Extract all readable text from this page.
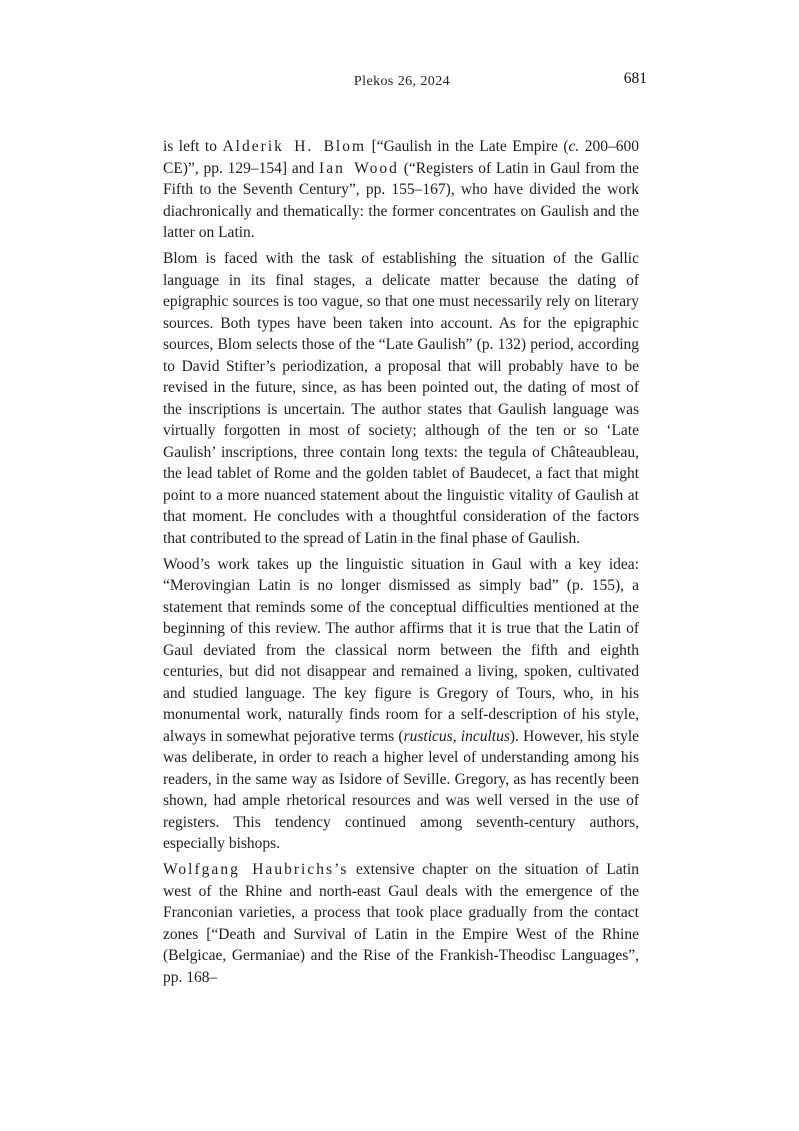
Plekos 26, 2024	681

is left to Alderik H. Blom [“Gaulish in the Late Empire (c. 200–600 CE)”, pp. 129–154] and Ian Wood (“Registers of Latin in Gaul from the Fifth to the Seventh Century”, pp. 155–167), who have divided the work diachronically and thematically: the former concentrates on Gaulish and the latter on Latin.

Blom is faced with the task of establishing the situation of the Gallic language in its final stages, a delicate matter because the dating of epigraphic sources is too vague, so that one must necessarily rely on literary sources. Both types have been taken into account. As for the epigraphic sources, Blom selects those of the “Late Gaulish” (p. 132) period, according to David Stifter’s periodization, a proposal that will probably have to be revised in the future, since, as has been pointed out, the dating of most of the inscriptions is uncertain. The author states that Gaulish language was virtually forgotten in most of society; although of the ten or so ‘Late Gaulish’ inscriptions, three contain long texts: the tegula of Châteaubleau, the lead tablet of Rome and the golden tablet of Baudecet, a fact that might point to a more nuanced statement about the linguistic vitality of Gaulish at that moment. He concludes with a thoughtful consideration of the factors that contributed to the spread of Latin in the final phase of Gaulish.

Wood’s work takes up the linguistic situation in Gaul with a key idea: “Merovingian Latin is no longer dismissed as simply bad” (p. 155), a statement that reminds some of the conceptual difficulties mentioned at the beginning of this review. The author affirms that it is true that the Latin of Gaul deviated from the classical norm between the fifth and eighth centuries, but did not disappear and remained a living, spoken, cultivated and studied language. The key figure is Gregory of Tours, who, in his monumental work, naturally finds room for a self-description of his style, always in somewhat pejorative terms (rusticus, incultus). However, his style was deliberate, in order to reach a higher level of understanding among his readers, in the same way as Isidore of Seville. Gregory, as has recently been shown, had ample rhetorical resources and was well versed in the use of registers. This tendency continued among seventh-century authors, especially bishops.

Wolfgang Haubrichs’s extensive chapter on the situation of Latin west of the Rhine and north-east Gaul deals with the emergence of the Franconian varieties, a process that took place gradually from the contact zones [“Death and Survival of Latin in the Empire West of the Rhine (Belgicae, Germaniae) and the Rise of the Frankish-Theodisc Languages”, pp. 168–
